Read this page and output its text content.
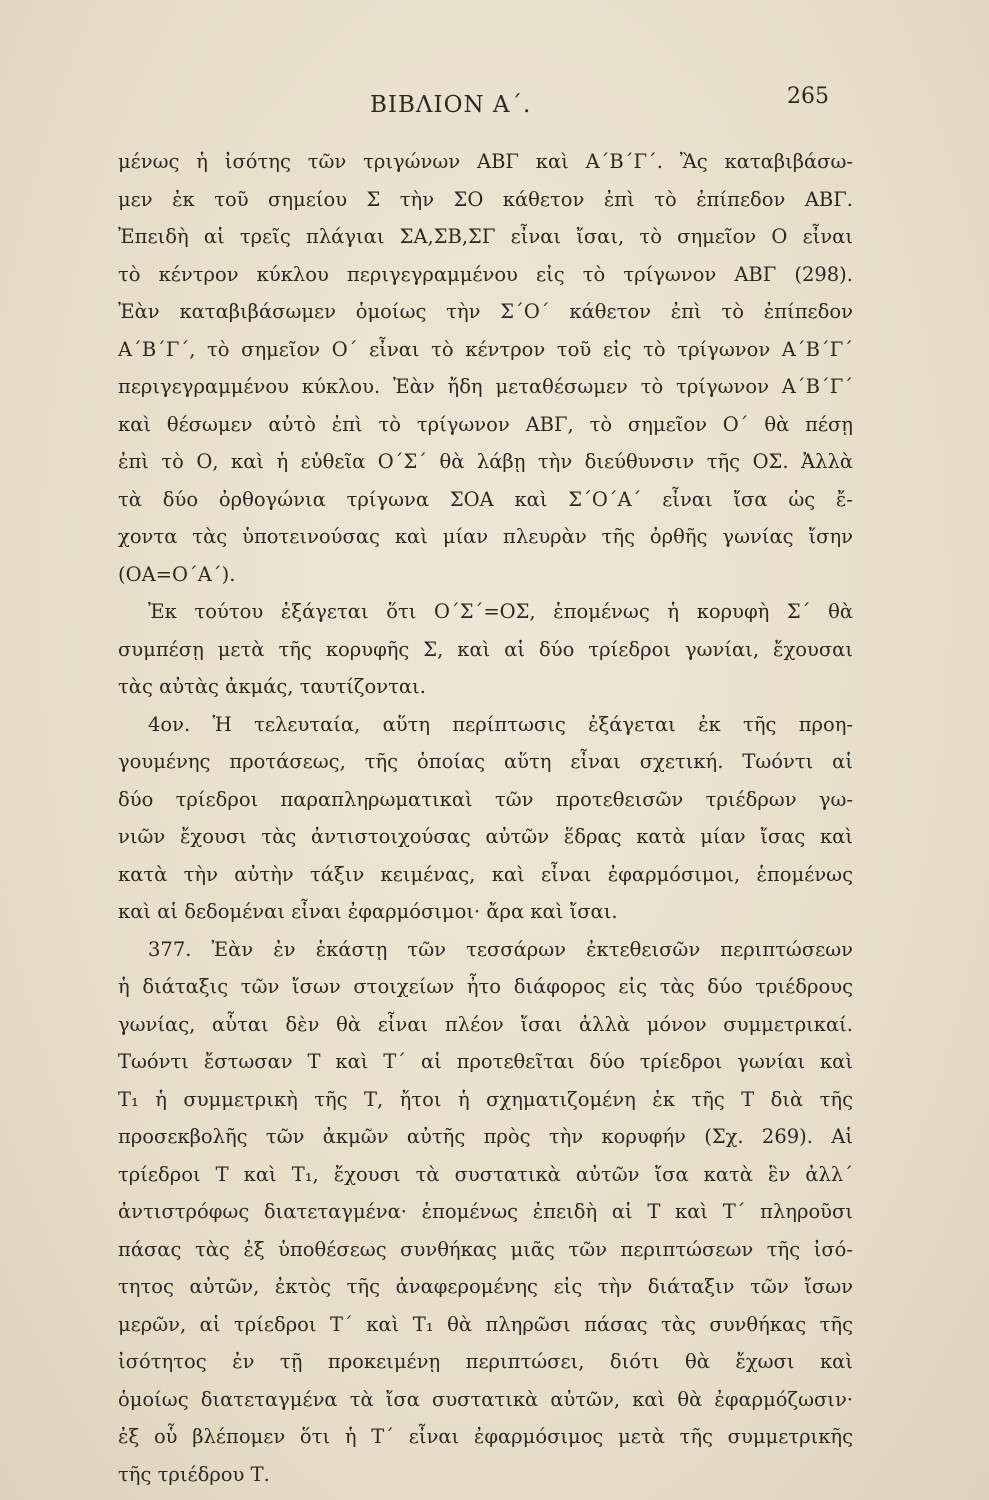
ΒΙΒΛΙΟΝ Α΄.	265
μένως ἡ ἰσότης τῶν τριγώνων ΑΒΓ καὶ Α΄Β΄Γ΄. Ἂς καταβιβάσω-
μεν ἐκ τοῦ σημείου Σ τὴν ΣΟ κάθετον ἐπὶ τὸ ἐπίπεδον ΑΒΓ.
Ἐπειδὴ αἱ τρεῖς πλάγιαι ΣΑ,ΣΒ,ΣΓ εἶναι ἴσαι, τὸ σημεῖον Ο εἶναι
τὸ κέντρον κύκλου περιγεγραμμένου εἰς τὸ τρίγωνον ΑΒΓ (298).
Ἐὰν καταβιβάσωμεν ὁμοίως τὴν Σ΄Ο΄ κάθετον ἐπὶ τὸ ἐπίπεδον
Α΄Β΄Γ΄, τὸ σημεῖον Ο΄ εἶναι τὸ κέντρον τοῦ εἰς τὸ τρίγωνον Α΄Β΄Γ΄
περιγεγραμμένου κύκλου. Ἐὰν ἤδη μεταθέσωμεν τὸ τρίγωνον Α΄Β΄Γ΄
καὶ θέσωμεν αὐτὸ ἐπὶ τὸ τρίγωνον ΑΒΓ, τὸ σημεῖον Ο΄ θὰ πέσῃ
ἐπὶ τὸ Ο, καὶ ἡ εὐθεῖα Ο΄Σ΄ θὰ λάβῃ τὴν διεύθυνσιν τῆς ΟΣ. Ἀλλὰ
τὰ δύο ὀρθογώνια τρίγωνα ΣΟΑ καὶ Σ΄Ο΄Α΄ εἶναι ἴσα ὡς ἔ-
χοντα τὰς ὑποτεινούσας καὶ μίαν πλευρὰν τῆς ὀρθῆς γωνίας ἴσην
(ΟΑ=Ο΄Α΄).
Ἐκ τούτου ἐξάγεται ὅτι Ο΄Σ΄=ΟΣ, ἑπομένως ἡ κορυφὴ Σ΄ θὰ
συμπέσῃ μετὰ τῆς κορυφῆς Σ, καὶ αἱ δύο τρίεδροι γωνίαι, ἔχουσαι
τὰς αὐτὰς ἀκμάς, ταυτίζονται.
4ον. Ἡ τελευταία, αὕτη περίπτωσις ἐξάγεται ἐκ τῆς προη-
γουμένης προτάσεως, τῆς ὁποίας αὕτη εἶναι σχετική. Τωόντι αἱ
δύο τρίεδροι παραπληρωματικαὶ τῶν προτεθεισῶν τριέδρων γω-
νιῶν ἔχουσι τὰς ἀντιστοιχούσας αὐτῶν ἕδρας κατὰ μίαν ἴσας καὶ
κατὰ τὴν αὐτὴν τάξιν κειμένας, καὶ εἶναι ἐφαρμόσιμοι, ἑπομένως
καὶ αἱ δεδομέναι εἶναι ἐφαρμόσιμοι· ἄρα καὶ ἴσαι.
377. Ἐὰν ἐν ἑκάστῃ τῶν τεσσάρων ἐκτεθεισῶν περιπτώσεων
ἡ διάταξις τῶν ἴσων στοιχείων ἦτο διάφορος εἰς τὰς δύο τριέδρους
γωνίας, αὗται δὲν θὰ εἶναι πλέον ἴσαι ἀλλὰ μόνον συμμετρικαί.
Τωόντι ἔστωσαν Τ καὶ Τ΄ αἱ προτεθεῖται δύο τρίεδροι γωνίαι καὶ
Τ₁ ἡ συμμετρικὴ τῆς Τ, ἤτοι ἡ σχηματιζομένη ἐκ τῆς Τ διὰ τῆς
προσεκβολῆς τῶν ἀκμῶν αὐτῆς πρὸς τὴν κορυφήν (Σχ. 269). Αἱ
τρίεδροι Τ καὶ Τ₁, ἔχουσι τὰ συστατικὰ αὐτῶν ἴσα κατὰ ἓν ἀλλ΄
ἀντιστρόφως διατεταγμένα· ἑπομένως ἐπειδὴ αἱ Τ καὶ Τ΄ πληροῦσι
πάσας τὰς ἐξ ὑποθέσεως συνθήκας μιᾶς τῶν περιπτώσεων τῆς ἰσό-
τητος αὐτῶν, ἐκτὸς τῆς ἀναφερομένης εἰς τὴν διάταξιν τῶν ἴσων
μερῶν, αἱ τρίεδροι Τ΄ καὶ Τ₁ θὰ πληρῶσι πάσας τὰς συνθήκας τῆς
ἰσότητος ἐν τῇ προκειμένῃ περιπτώσει, διότι θὰ ἔχωσι καὶ
ὁμοίως διατεταγμένα τὰ ἴσα συστατικὰ αὐτῶν, καὶ θὰ ἐφαρμόζωσιν·
ἐξ οὗ βλέπομεν ὅτι ἡ Τ΄ εἶναι ἐφαρμόσιμος μετὰ τῆς συμμετρικῆς
τῆς τριέδρου Τ.
